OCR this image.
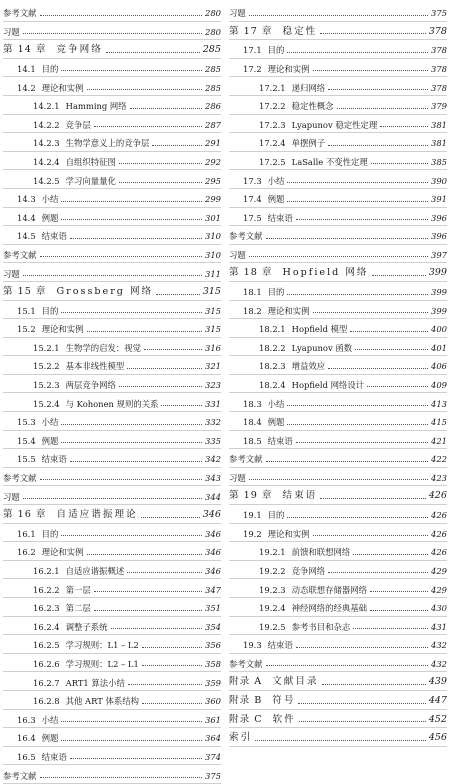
参考文献	280
习题	280
第 14 章 竞争网络	285
14.1 目的	285
14.2 理论和实例	285
14.2.1 Hamming 网络	286
14.2.2 竞争层	287
14.2.3 生物学意义上的竞争层	291
14.2.4 自组织特征图	292
14.2.5 学习向量量化	295
14.3 小结	299
14.4 例题	301
14.5 结束语	310
参考文献	310
习题	311
第 15 章 Grossberg 网络	315
15.1 目的	315
15.2 理论和实例	315
15.2.1 生物学的启发：视觉	316
15.2.2 基本非线性模型	321
15.2.3 两层竞争网络	323
15.2.4 与 Kohonen 规则的关系	331
15.3 小结	332
15.4 例题	335
15.5 结束语	342
参考文献	343
习题	344
第 16 章 自适应谐振理论	346
16.1 目的	346
16.2 理论和实例	346
16.2.1 自适应谐振概述	346
16.2.2 第一层	347
16.2.3 第二层	351
16.2.4 调整子系统	354
16.2.5 学习规则：L1 – L2	356
16.2.6 学习规则：L2 – L1	358
16.2.7 ART1 算法小结	359
16.2.8 其他 ART 体系结构	360
16.3 小结	361
16.4 例题	364
16.5 结束语	374
参考文献	375
习题	375
第 17 章 稳定性	378
17.1 目的	378
17.2 理论和实例	378
17.2.1 递归网络	378
17.2.2 稳定性概念	379
17.2.3 Lyapunov 稳定性定理	381
17.2.4 单摆例子	381
17.2.5 LaSalle 不变性定理	385
17.3 小结	390
17.4 例题	391
17.5 结束语	396
参考文献	396
习题	397
第 18 章 Hopfield 网络	399
18.1 目的	399
18.2 理论和实例	399
18.2.1 Hopfield 模型	400
18.2.2 Lyapunov 函数	401
18.2.3 增益效应	406
18.2.4 Hopfield 网络设计	409
18.3 小结	413
18.4 例题	415
18.5 结束语	421
参考文献	422
习题	423
第 19 章 结束语	426
19.1 目的	426
19.2 理论和实例	426
19.2.1 前馈和联想网络	426
19.2.2 竞争网络	429
19.2.3 动态联想存储器网络	429
19.2.4 神经网络的经典基础	430
19.2.5 参考书目和杂志	431
19.3 结束语	432
参考文献	432
附录 A 文献目录	439
附录 B 符号	447
附录 C 软件	452
索引	456
